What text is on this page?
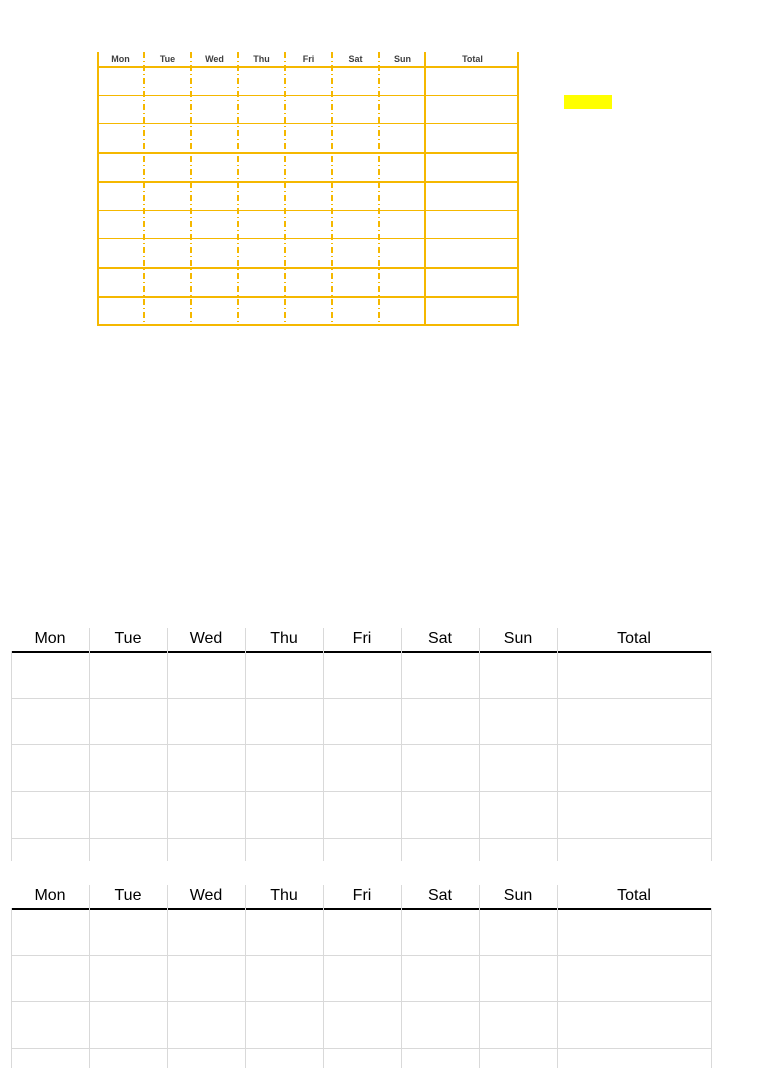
Mon	Tue	Wed	Thu	Fri	Sat	Sun	Total
Mon	Tue	Wed	Thu	Fri	Sat	Sun	Total
Mon	Tue	Wed	Thu	Fri	Sat	Sun	Total
